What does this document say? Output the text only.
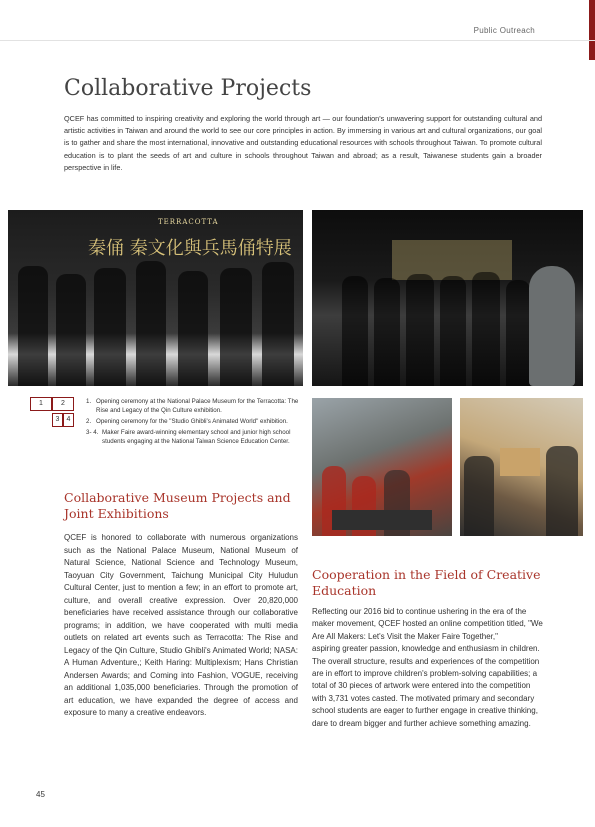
Public Outreach
Collaborative Projects

QCEF has committed to inspiring creativity and exploring the world through art — our foundation's unwavering support for outstanding cultural and artistic activities in Taiwan and around the world to see our core principles in action. By immersing in various art and cultural organizations, our goal is to gather and share the most international, innovative and outstanding educational resources with schools throughout Taiwan. To promote cultural education is to plant the seeds of art and culture in schools throughout Taiwan and abroad; as a result, Taiwanese students gain a broader perspective in life.

TERRACOTTA
秦俑 秦文化與兵馬俑特展
1	2
3	4
1. Opening ceremony at the National Palace Museum for the Terracotta: The Rise and Legacy of the Qin Culture exhibition.
2. Opening ceremony for the "Studio Ghibli's Animated World" exhibition.
3- 4. Maker Faire award-winning elementary school and junior high school students engaging at the National Taiwan Science Education Center.
Collaborative Museum Projects and Joint Exhibitions

QCEF is honored to collaborate with numerous organizations such as the National Palace Museum, National Museum of Natural Science, National Science and Technology Museum, Taoyuan City Government, Taichung Municipal City Huludun Cultural Center, just to mention a few; in an effort to promote art, culture, and overall creative expression. Over 20,820,000 beneficiaries have received assistance through our collaborative programs; in addition, we have cooperated with multi media outlets on related art events such as Terracotta: The Rise and Legacy of the Qin Culture, Studio Ghibli's Animated World; NASA: A Human Adventure,; Keith Haring: Multiplexism; Hans Christian Andersen Awards; and Coming into Fashion, VOGUE, receiving an additional 1,035,000 beneficiaries. Through the promotion of art education, we have expanded the degree of access and exposure to many a creative endeavors.

Cooperation in the Field of Creative Education
Reflecting our 2016 bid to continue ushering in the era of the maker movement, QCEF hosted an online competition titled, "We Are All Makers: Let's Visit the Maker Faire Together,"
aspiring greater passion, knowledge and enthusiasm in children. The overall structure, results and experiences of the competition are in effort to improve children's problem-solving capabilities; a total of 30 pieces of artwork were entered into the competition with 3,731 votes casted. The motivated primary and secondary school students are eager to further engage in creative thinking, dare to dream bigger and further achieve something amazing.
45
